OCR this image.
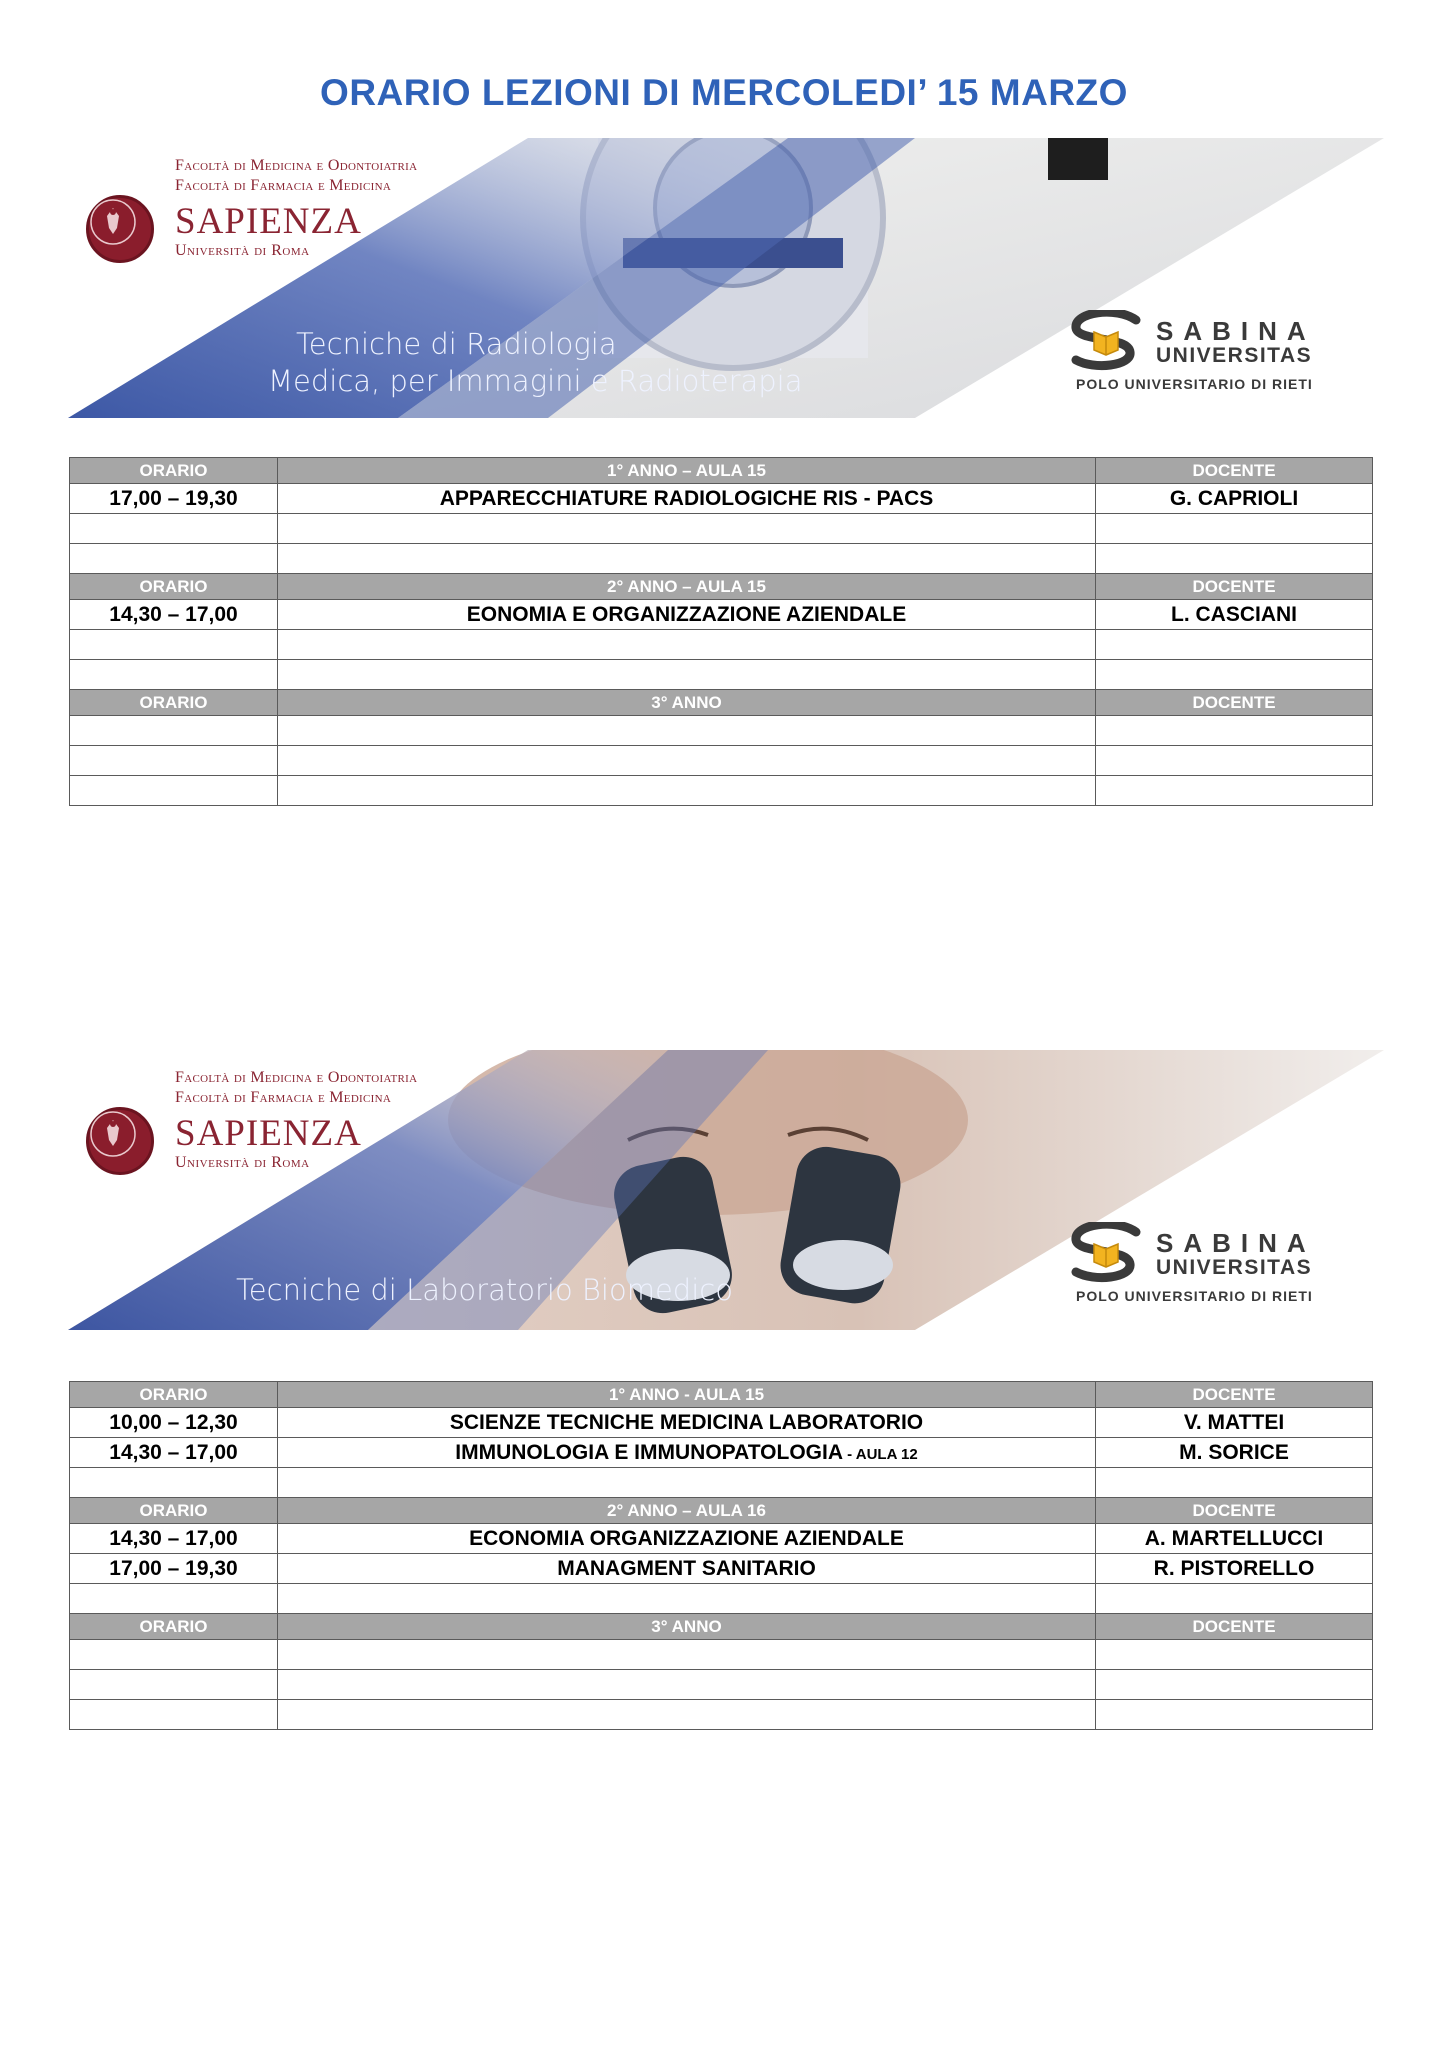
ORARIO LEZIONI DI MERCOLEDI’ 15 MARZO
Facoltà di Medicina e Odontoiatria
Facoltà di Farmacia e Medicina
SAPIENZA
Università di Roma
Tecniche di Radiologia
Medica, per Immagini e Radioterapia
SABINA
UNIVERSITAS
POLO UNIVERSITARIO DI RIETI
ORARIO	1° ANNO – AULA 15	DOCENTE
17,00 – 19,30	APPARECCHIATURE RADIOLOGICHE RIS - PACS	G. CAPRIOLI

ORARIO	2° ANNO – AULA 15	DOCENTE
14,30 – 17,00	EONOMIA E ORGANIZZAZIONE AZIENDALE	L. CASCIANI

ORARIO	3° ANNO	DOCENTE

Facoltà di Medicina e Odontoiatria
Facoltà di Farmacia e Medicina
SAPIENZA
Università di Roma
Tecniche di Laboratorio Biomedico
SABINA
UNIVERSITAS
POLO UNIVERSITARIO DI RIETI
ORARIO	1° ANNO - AULA 15	DOCENTE
10,00 – 12,30	SCIENZE TECNICHE MEDICINA LABORATORIO	V. MATTEI
14,30 – 17,00	IMMUNOLOGIA E IMMUNOPATOLOGIA - AULA 12	M. SORICE

ORARIO	2° ANNO – AULA 16	DOCENTE
14,30 – 17,00	ECONOMIA ORGANIZZAZIONE AZIENDALE	A. MARTELLUCCI
17,00 – 19,30	MANAGMENT SANITARIO	R. PISTORELLO

ORARIO	3° ANNO	DOCENTE
